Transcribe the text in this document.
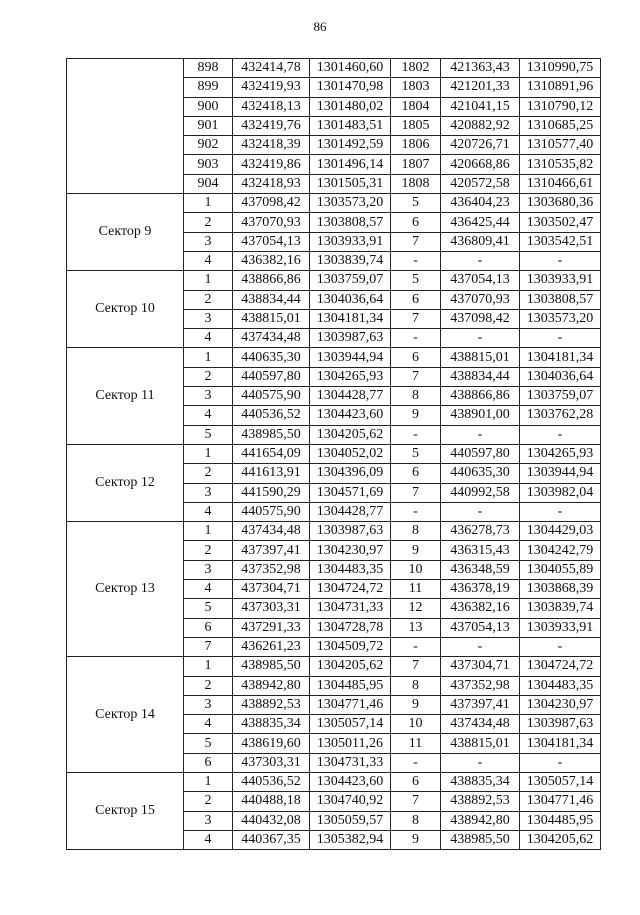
86
	898	432414,78	1301460,60	1802	421363,43	1310990,75
	899	432419,93	1301470,98	1803	421201,33	1310891,96
	900	432418,13	1301480,02	1804	421041,15	1310790,12
	901	432419,76	1301483,51	1805	420882,92	1310685,25
	902	432418,39	1301492,59	1806	420726,71	1310577,40
	903	432419,86	1301496,14	1807	420668,86	1310535,82
	904	432418,93	1301505,31	1808	420572,58	1310466,61
Сектор 9	1	437098,42	1303573,20	5	436404,23	1303680,36
	2	437070,93	1303808,57	6	436425,44	1303502,47
	3	437054,13	1303933,91	7	436809,41	1303542,51
	4	436382,16	1303839,74	-	-	-
Сектор 10	1	438866,86	1303759,07	5	437054,13	1303933,91
	2	438834,44	1304036,64	6	437070,93	1303808,57
	3	438815,01	1304181,34	7	437098,42	1303573,20
	4	437434,48	1303987,63	-	-	-
Сектор 11	1	440635,30	1303944,94	6	438815,01	1304181,34
	2	440597,80	1304265,93	7	438834,44	1304036,64
	3	440575,90	1304428,77	8	438866,86	1303759,07
	4	440536,52	1304423,60	9	438901,00	1303762,28
	5	438985,50	1304205,62	-	-	-
Сектор 12	1	441654,09	1304052,02	5	440597,80	1304265,93
	2	441613,91	1304396,09	6	440635,30	1303944,94
	3	441590,29	1304571,69	7	440992,58	1303982,04
	4	440575,90	1304428,77	-	-	-
Сектор 13	1	437434,48	1303987,63	8	436278,73	1304429,03
	2	437397,41	1304230,97	9	436315,43	1304242,79
	3	437352,98	1304483,35	10	436348,59	1304055,89
	4	437304,71	1304724,72	11	436378,19	1303868,39
	5	437303,31	1304731,33	12	436382,16	1303839,74
	6	437291,33	1304728,78	13	437054,13	1303933,91
	7	436261,23	1304509,72	-	-	-
Сектор 14	1	438985,50	1304205,62	7	437304,71	1304724,72
	2	438942,80	1304485,95	8	437352,98	1304483,35
	3	438892,53	1304771,46	9	437397,41	1304230,97
	4	438835,34	1305057,14	10	437434,48	1303987,63
	5	438619,60	1305011,26	11	438815,01	1304181,34
	6	437303,31	1304731,33	-	-	-
Сектор 15	1	440536,52	1304423,60	6	438835,34	1305057,14
	2	440488,18	1304740,92	7	438892,53	1304771,46
	3	440432,08	1305059,57	8	438942,80	1304485,95
	4	440367,35	1305382,94	9	438985,50	1304205,62
